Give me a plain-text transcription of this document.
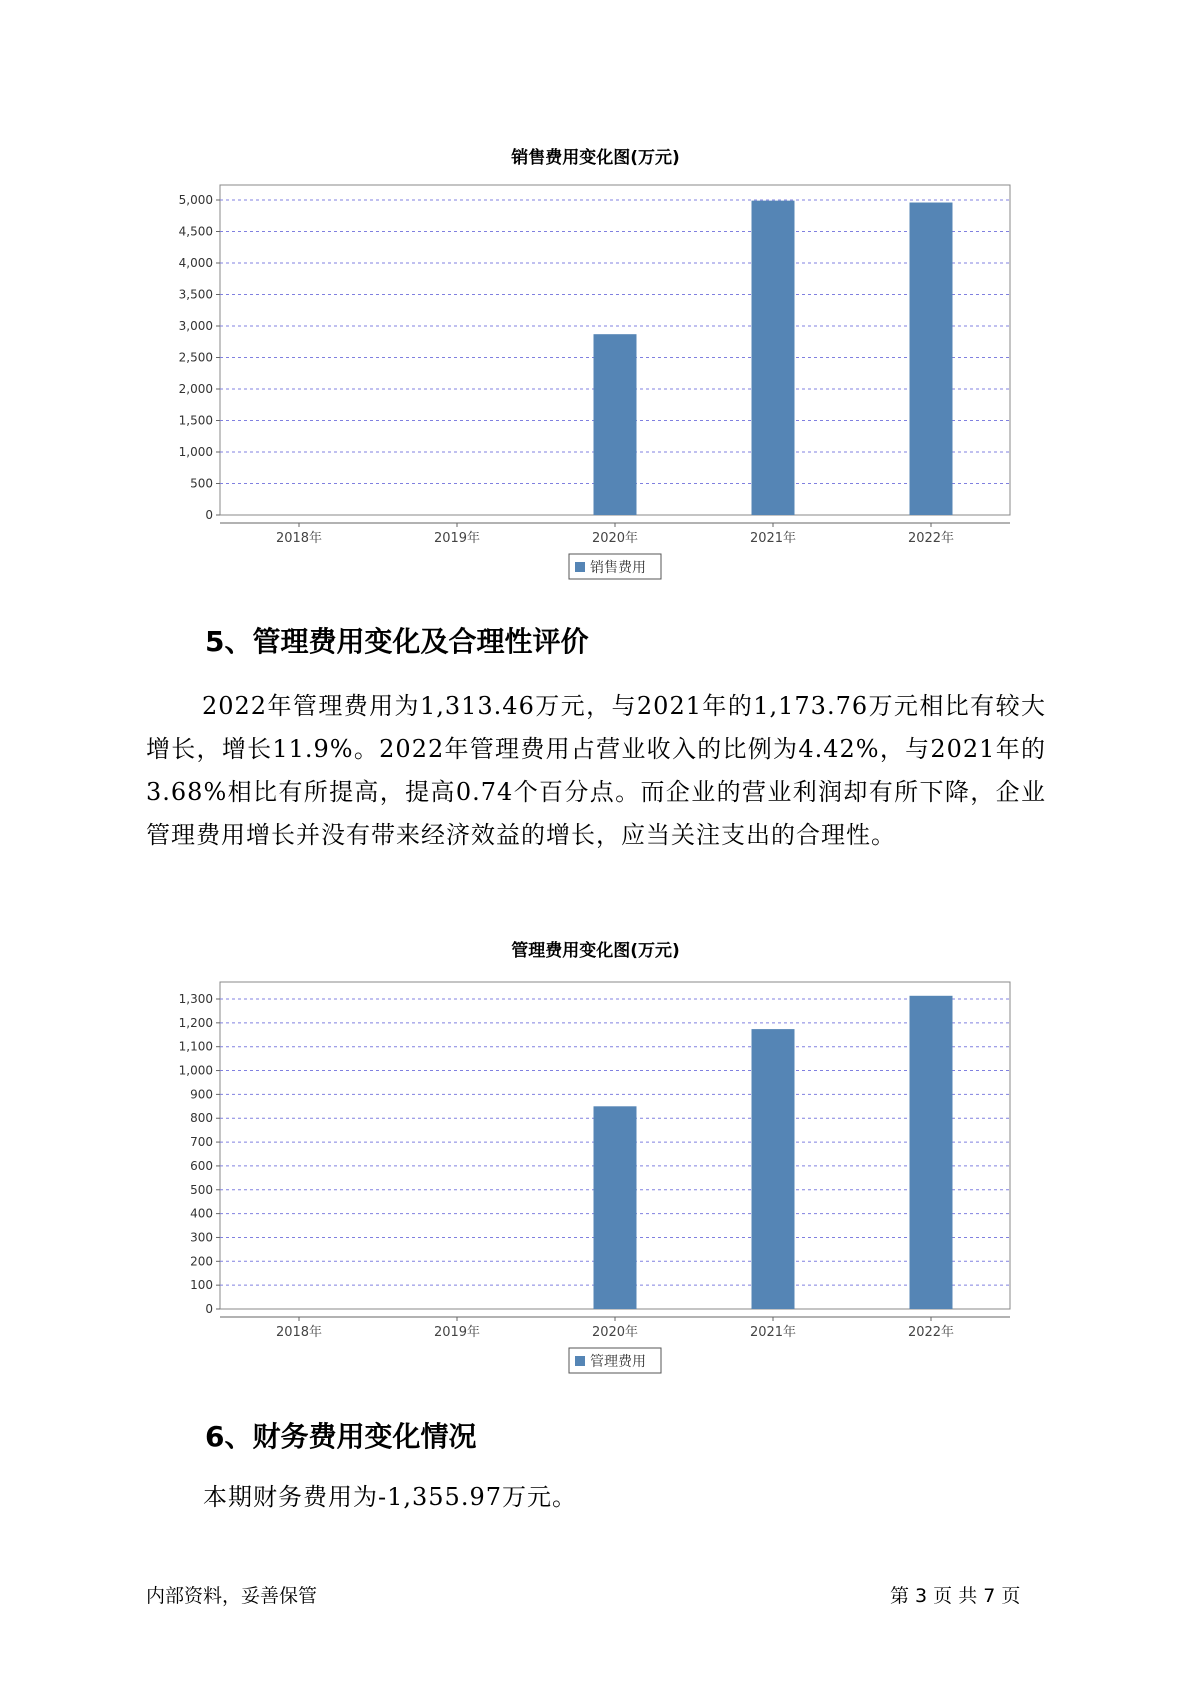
销售费用变化图(万元)
0
500
1,000
1,500
2,000
2,500
3,000
3,500
4,000
4,500
5,000
2018年	2019年	2020年	2021年	2022年
销售费用
5、管理费用变化及合理性评价
2022年管理费用为1,313.46万元，与2021年的1,173.76万元相比有较大增长，增长11.9%。2022年管理费用占营业收入的比例为4.42%，与2021年的3.68%相比有所提高，提高0.74个百分点。而企业的营业利润却有所下降，企业管理费用增长并没有带来经济效益的增长，应当关注支出的合理性。
管理费用变化图(万元)
0
100
200
300
400
500
600
700
800
900
1,000
1,100
1,200
1,300
2018年	2019年	2020年	2021年	2022年
管理费用
6、财务费用变化情况
本期财务费用为-1,355.97万元。
内部资料，妥善保管	第 3 页 共 7 页
